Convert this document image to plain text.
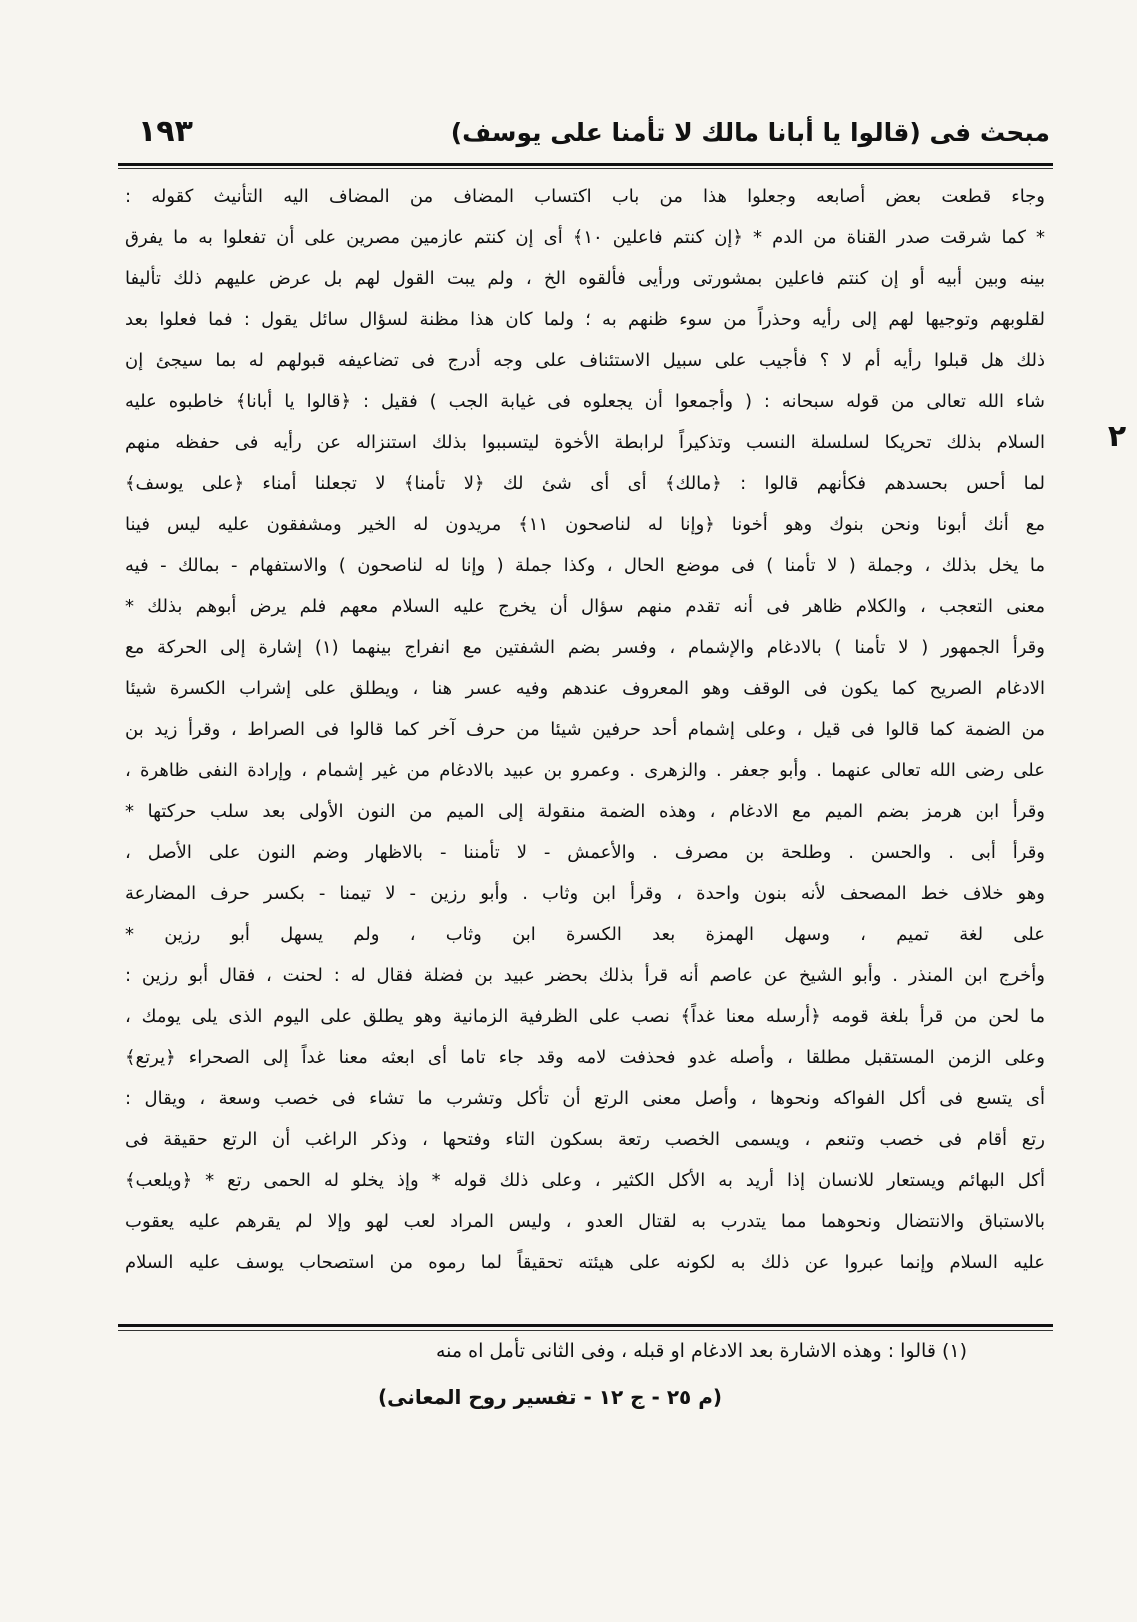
مبحث فى (قالوا يا أبانا مالك لا تأمنا على يوسف)
١٩٣
٢
وجاء قطعت بعض أصابعه وجعلوا هذا من باب اكتساب المضاف من المضاف اليه التأنيث كقوله :
* كما شرقت صدر القناة من الدم * ﴿إن كنتم فاعلين ١٠﴾ أى إن كنتم عازمين مصرين على أن تفعلوا به ما يفرق
بينه وبين أبيه أو إن كنتم فاعلين بمشورتى ورأيى فألقوه الخ ، ولم يبت القول لهم بل عرض عليهم ذلك تأليفا
لقلوبهم وتوجيها لهم إلى رأيه وحذراً من سوء ظنهم به ؛ ولما كان هذا مظنة لسؤال سائل يقول : فما فعلوا بعد
ذلك هل قبلوا رأيه أم لا ؟ فأجيب على سبيل الاستئناف على وجه أدرج فى تضاعيفه قبولهم له بما سيجئ إن
شاء الله تعالى من قوله سبحانه : ( وأجمعوا أن يجعلوه فى غيابة الجب ) فقيل : ﴿قالوا يا أبانا﴾ خاطبوه عليه
السلام بذلك تحريكا لسلسلة النسب وتذكيراً لرابطة الأخوة ليتسببوا بذلك استنزاله عن رأيه فى حفظه منهم
لما أحس بحسدهم فكأنهم قالوا : ﴿مالك﴾ أى أى شئ لك ﴿لا تأمنا﴾ لا تجعلنا أمناء ﴿على يوسف﴾
مع أنك أبونا ونحن بنوك وهو أخونا ﴿وإنا له لناصحون ١١﴾ مريدون له الخير ومشفقون عليه ليس فينا
ما يخل بذلك ، وجملة ( لا تأمنا ) فى موضع الحال ، وكذا جملة ( وإنا له لناصحون ) والاستفهام - بمالك - فيه
معنى التعجب ، والكلام ظاهر فى أنه تقدم منهم سؤال أن يخرج عليه السلام معهم فلم يرض أبوهم بذلك *
وقرأ الجمهور ( لا تأمنا ) بالادغام والإشمام ، وفسر بضم الشفتين مع انفراج بينهما (١) إشارة إلى الحركة مع
الادغام الصريح كما يكون فى الوقف وهو المعروف عندهم وفيه عسر هنا ، ويطلق على إشراب الكسرة شيئا
من الضمة كما قالوا فى قيل ، وعلى إشمام أحد حرفين شيئا من حرف آخر كما قالوا فى الصراط ، وقرأ زيد بن
على رضى الله تعالى عنهما . وأبو جعفر . والزهرى . وعمرو بن عبيد بالادغام من غير إشمام ، وإرادة النفى ظاهرة ،
وقرأ ابن هرمز بضم الميم مع الادغام ، وهذه الضمة منقولة إلى الميم من النون الأولى بعد سلب حركتها *
وقرأ أبى . والحسن . وطلحة بن مصرف . والأعمش - لا تأمننا - بالاظهار وضم النون على الأصل ،
وهو خلاف خط المصحف لأنه بنون واحدة ، وقرأ ابن وثاب . وأبو رزين - لا تيمنا - بكسر حرف المضارعة
على لغة تميم ، وسهل الهمزة بعد الكسرة ابن وثاب ، ولم يسهل أبو رزين *
وأخرج ابن المنذر . وأبو الشيخ عن عاصم أنه قرأ بذلك بحضر عبيد بن فضلة فقال له : لحنت ، فقال أبو رزين :
ما لحن من قرأ بلغة قومه ﴿أرسله معنا غداً﴾ نصب على الظرفية الزمانية وهو يطلق على اليوم الذى يلى يومك ،
وعلى الزمن المستقبل مطلقا ، وأصله غدو فحذفت لامه وقد جاء تاما أى ابعثه معنا غداً إلى الصحراء ﴿يرتع﴾
أى يتسع فى أكل الفواكه ونحوها ، وأصل معنى الرتع أن تأكل وتشرب ما تشاء فى خصب وسعة ، ويقال :
رتع أقام فى خصب وتنعم ، ويسمى الخصب رتعة بسكون التاء وفتحها ، وذكر الراغب أن الرتع حقيقة فى
أكل البهائم ويستعار للانسان إذا أريد به الأكل الكثير ، وعلى ذلك قوله * وإذ يخلو له الحمى رتع * ﴿ويلعب﴾
بالاستباق والانتضال ونحوهما مما يتدرب به لقتال العدو ، وليس المراد لعب لهو وإلا لم يقرهم عليه يعقوب
عليه السلام وإنما عبروا عن ذلك به لكونه على هيئته تحقيقاً لما رموه من استصحاب يوسف عليه السلام
(١) قالوا : وهذه الاشارة بعد الادغام او قبله ، وفى الثانى تأمل اه منه
(م ٢٥ - ج ١٢ - تفسير روح المعانى)
